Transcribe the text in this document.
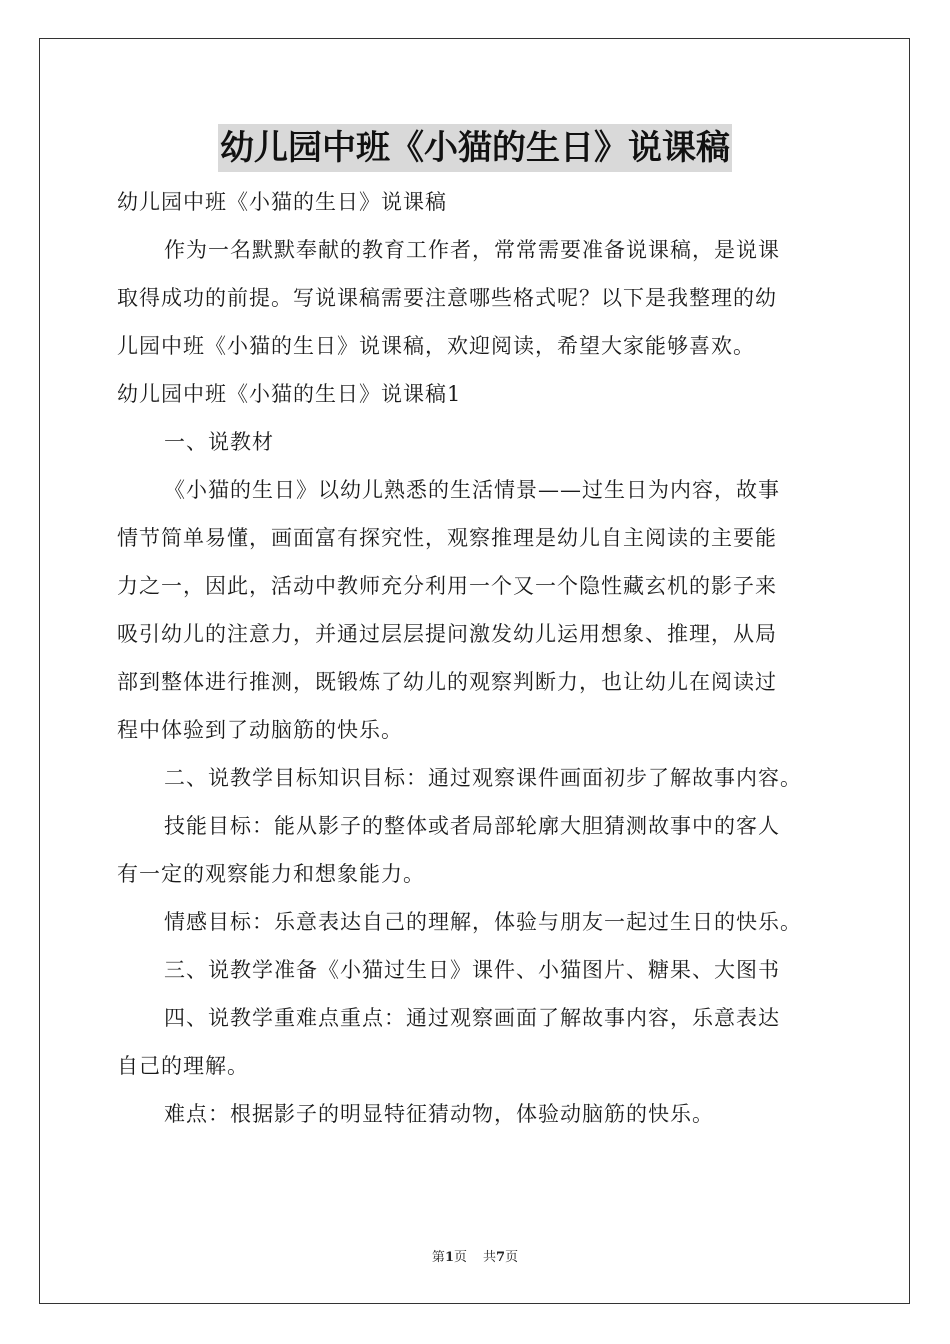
幼儿园中班《小猫的生日》说课稿
幼儿园中班《小猫的生日》说课稿
作为一名默默奉献的教育工作者，常常需要准备说课稿，是说课
取得成功的前提。写说课稿需要注意哪些格式呢？以下是我整理的幼
儿园中班《小猫的生日》说课稿，欢迎阅读，希望大家能够喜欢。
幼儿园中班《小猫的生日》说课稿1
一、说教材
《小猫的生日》以幼儿熟悉的生活情景——过生日为内容，故事
情节简单易懂，画面富有探究性，观察推理是幼儿自主阅读的主要能
力之一，因此，活动中教师充分利用一个又一个隐性藏玄机的影子来
吸引幼儿的注意力，并通过层层提问激发幼儿运用想象、推理，从局
部到整体进行推测，既锻炼了幼儿的观察判断力，也让幼儿在阅读过
程中体验到了动脑筋的快乐。
二、说教学目标知识目标：通过观察课件画面初步了解故事内容。
技能目标：能从影子的整体或者局部轮廓大胆猜测故事中的客人
有一定的观察能力和想象能力。
情感目标：乐意表达自己的理解，体验与朋友一起过生日的快乐。
三、说教学准备《小猫过生日》课件、小猫图片、糖果、大图书
四、说教学重难点重点：通过观察画面了解故事内容，乐意表达
自己的理解。
难点：根据影子的明显特征猜动物，体验动脑筋的快乐。
第1页 共7页
